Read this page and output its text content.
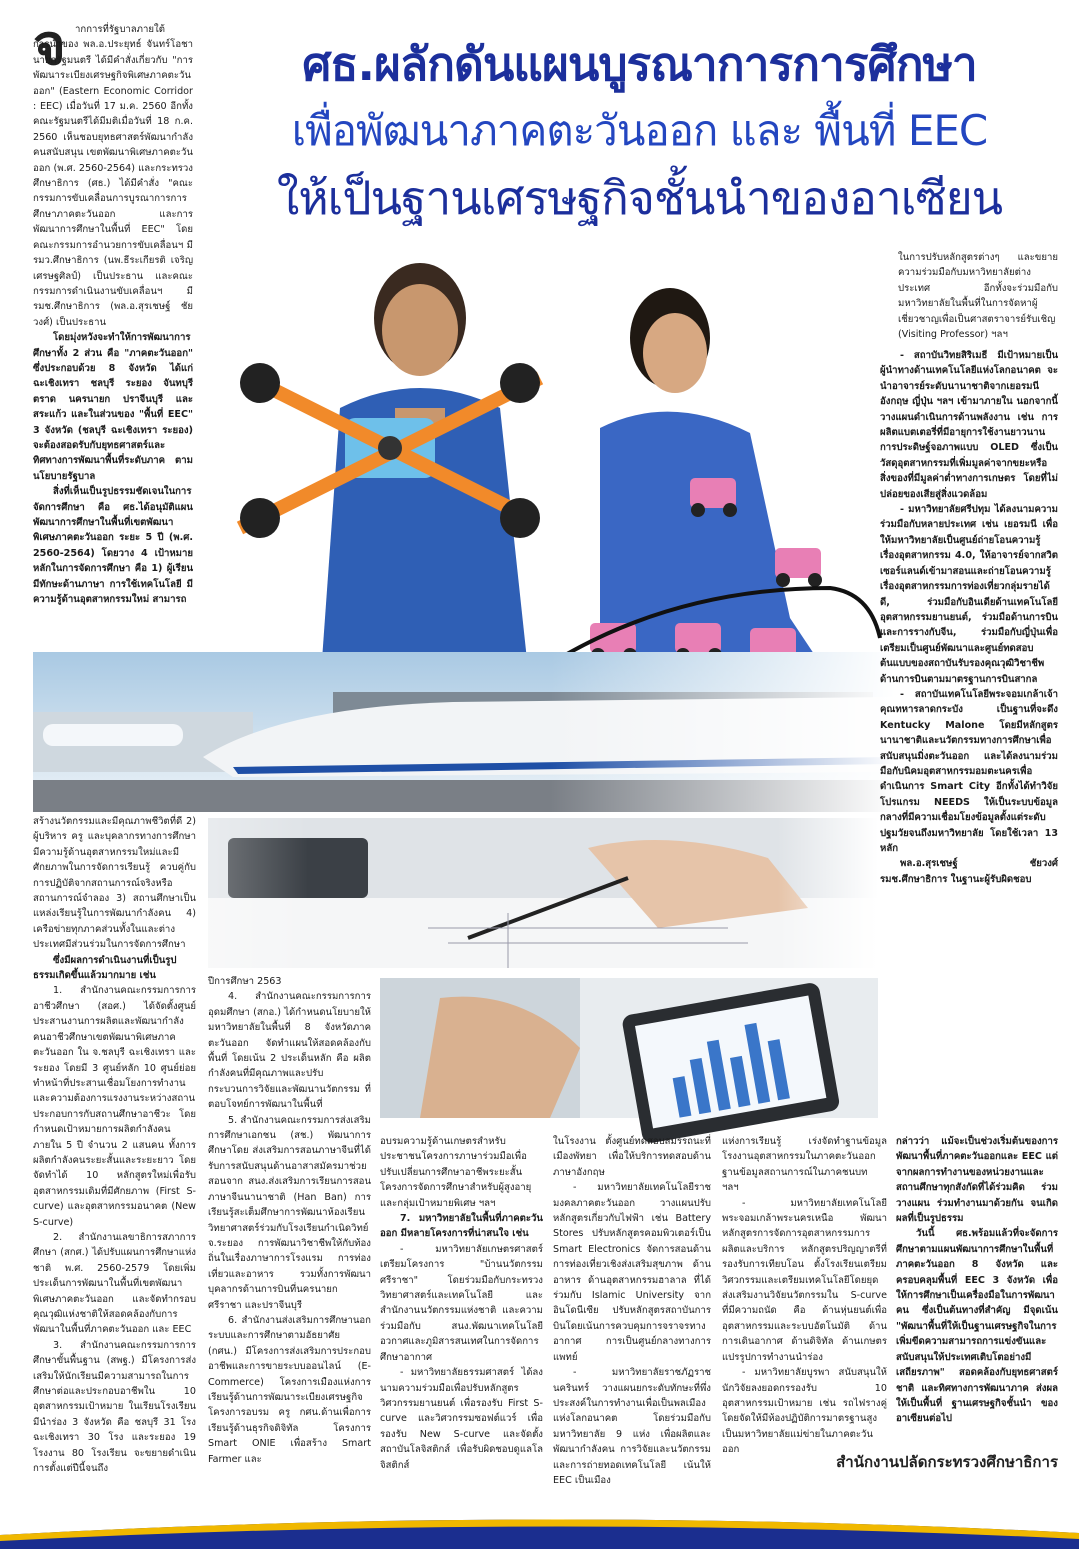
จ	ศธ.ผลักดันแผนบูรณาการการศึกษา
เพื่อพัฒนาภาคตะวันออก และ พื้นที่ EEC
ให้เป็นฐานเศรษฐกิจชั้นนำของอาเซียน

ากการที่รัฐบาลภายใต้การนำของ พล.อ.ประยุทธ์ จันทร์โอชา นายกรัฐมนตรี ได้มีคำสั่งเกี่ยวกับ "การพัฒนาระเบียงเศรษฐกิจพิเศษภาคตะวันออก" (Eastern Economic Corridor : EEC) เมื่อวันที่ 17 ม.ค. 2560 อีกทั้งคณะรัฐมนตรีได้มีมติเมื่อวันที่ 18 ก.ค. 2560 เห็นชอบยุทธศาสตร์พัฒนากำลังคนสนับสนุน เขตพัฒนาพิเศษภาคตะวันออก (พ.ศ. 2560-2564) และกระทรวงศึกษาธิการ (ศธ.) ได้มีคำสั่ง "คณะกรรมการขับเคลื่อนการบูรณาการการศึกษาภาคตะวันออก และการพัฒนาการศึกษาในพื้นที่ EEC" โดยคณะกรรมการอำนวยการขับเคลื่อนฯ มี รมว.ศึกษาธิการ (นพ.ธีระเกียรติ เจริญเศรษฐศิลป์) เป็นประธาน และคณะกรรมการดำเนินงานขับเคลื่อนฯ มี รมช.ศึกษาธิการ (พล.อ.สุรเชษฐ์ ชัยวงศ์) เป็นประธาน

โดยมุ่งหวังจะทำให้การพัฒนาการศึกษาทั้ง 2 ส่วน คือ "ภาคตะวันออก" ซึ่งประกอบด้วย 8 จังหวัด ได้แก่ ฉะเชิงเทรา ชลบุรี ระยอง จันทบุรี ตราด นครนายก ปราจีนบุรี และสระแก้ว และในส่วนของ "พื้นที่ EEC" 3 จังหวัด (ชลบุรี ฉะเชิงเทรา ระยอง) จะต้องสอดรับกับยุทธศาสตร์และทิศทางการพัฒนาพื้นที่ระดับภาค ตามนโยบายรัฐบาล

สิ่งที่เห็นเป็นรูปธรรมชัดเจนในการจัดการศึกษา คือ ศธ.ได้อนุมัติแผนพัฒนาการศึกษาในพื้นที่เขตพัฒนาพิเศษภาคตะวันออก ระยะ 5 ปี (พ.ศ. 2560-2564) โดยวาง 4 เป้าหมายหลักในการจัดการศึกษา คือ 1) ผู้เรียนมีทักษะด้านภาษา การใช้เทคโนโลยี มีความรู้ด้านอุตสาหกรรมใหม่ สามารถ

ในการปรับหลักสูตรต่างๆ และขยายความร่วมมือกับมหาวิทยาลัยต่างประเทศ อีกทั้งจะร่วมมือกับมหาวิทยาลัยในพื้นที่ในการจัดหาผู้เชี่ยวชาญเพื่อเป็นศาสตราจารย์รับเชิญ (Visiting Professor) ฯลฯ

- สถาบันวิทยสิริเมธี มีเป้าหมายเป็นผู้นำทางด้านเทคโนโลยีแห่งโลกอนาคต จะนำอาจารย์ระดับนานาชาติจากเยอรมนี อังกฤษ ญี่ปุ่น ฯลฯ เข้ามาภายใน นอกจากนี้ วางแผนดำเนินการด้านพลังงาน เช่น การผลิตแบตเตอรี่ที่มีอายุการใช้งานยาวนาน การประดิษฐ์จอภาพแบบ OLED ซึ่งเป็นวัสดุอุตสาหกรรมที่เพิ่มมูลค่าจากขยะหรือสิ่งของที่มีมูลค่าต่ำทางการเกษตร โดยที่ไม่ปล่อยของเสียสู่สิ่งแวดล้อม

- มหาวิทยาลัยศรีปทุม ได้ลงนามความร่วมมือกับหลายประเทศ เช่น เยอรมนี เพื่อให้มหาวิทยาลัยเป็นศูนย์ถ่ายโอนความรู้เรื่องอุตสาหกรรม 4.0, ให้อาจารย์จากสวิตเซอร์แลนด์เข้ามาสอนและถ่ายโอนความรู้เรื่องอุตสาหกรรมการท่องเที่ยวกลุ่มรายได้ดี, ร่วมมือกับอินเดียด้านเทคโนโลยีอุตสาหกรรมยานยนต์, ร่วมมือด้านการบินและการรางกับจีน, ร่วมมือกับญี่ปุ่นเพื่อเตรียมเป็นศูนย์พัฒนาและศูนย์ทดสอบต้นแบบของสถาบันรับรองคุณวุฒิวิชาชีพด้านการบินตามมาตรฐานการบินสากล

- สถาบันเทคโนโลยีพระจอมเกล้าเจ้าคุณทหารลาดกระบัง เป็นฐานที่จะดึง Kentucky Malone โดยมีหลักสูตรนานาชาติและนวัตกรรมทางการศึกษาเพื่อสนับสนุนมิ่งตะวันออก และได้ลงนามร่วมมือกับนิคมอุตสาหกรรมอมตะนครเพื่อดำเนินการ Smart City อีกทั้งได้ทำวิจัยโปรแกรม NEEDS ให้เป็นระบบข้อมูลกลางที่มีความเชื่อมโยงข้อมูลตั้งแต่ระดับปฐมวัยจนถึงมหาวิทยาลัย โดยใช้เวลา 13 หลัก

พล.อ.สุรเชษฐ์ ชัยวงศ์ รมช.ศึกษาธิการ ในฐานะผู้รับผิดชอบ

สร้างนวัตกรรมและมีคุณภาพชีวิตที่ดี 2) ผู้บริหาร ครู และบุคลากรทางการศึกษามีความรู้ด้านอุตสาหกรรมใหม่และมีศักยภาพในการจัดการเรียนรู้ ควบคู่กับการปฏิบัติจากสถานการณ์จริงหรือสถานการณ์จำลอง 3) สถานศึกษาเป็นแหล่งเรียนรู้ในการพัฒนากำลังคน 4) เครือข่ายทุกภาคส่วนทั้งในและต่างประเทศมีส่วนร่วมในการจัดการศึกษา

ซึ่งมีผลการดำเนินงานที่เป็นรูปธรรมเกิดขึ้นแล้วมากมาย เช่น

1. สำนักงานคณะกรรมการการอาชีวศึกษา (สอศ.) ได้จัดตั้งศูนย์ประสานงานการผลิตและพัฒนากำลังคนอาชีวศึกษาเขตพัฒนาพิเศษภาคตะวันออก ใน จ.ชลบุรี ฉะเชิงเทรา และระยอง โดยมี 3 ศูนย์หลัก 10 ศูนย์ย่อย ทำหน้าที่ประสานเชื่อมโยงการทำงานและความต้องการแรงงานระหว่างสถานประกอบการกับสถานศึกษาอาชีวะ โดยกำหนดเป้าหมายการผลิตกำลังคนภายใน 5 ปี จำนวน 2 แสนคน ทั้งการผลิตกำลังคนระยะสั้นและระยะยาว โดยจัดทำได้ 10 หลักสูตรใหม่เพื่อรับอุตสาหกรรมเดิมที่มีศักยภาพ (First S-curve) และอุตสาหกรรมอนาคต (New S-curve)

2. สำนักงานเลขาธิการสภาการศึกษา (สกศ.) ได้ปรับแผนการศึกษาแห่งชาติ พ.ศ. 2560-2579 โดยเพิ่มประเด็นการพัฒนาในพื้นที่เขตพัฒนาพิเศษภาคตะวันออก และจัดทำกรอบคุณวุฒิแห่งชาติให้สอดคล้องกับการพัฒนาในพื้นที่ภาคตะวันออก และ EEC

3. สำนักงานคณะกรรมการการศึกษาขั้นพื้นฐาน (สพฐ.) มีโครงการส่งเสริมให้นักเรียนมีความสามารถในการศึกษาต่อและประกอบอาชีพใน 10 อุตสาหกรรมเป้าหมาย ในเรียนโรงเรียนมีนำร่อง 3 จังหวัด คือ ชลบุรี 31 โรง ฉะเชิงเทรา 30 โรง และระยอง 19 โรงงาน 80 โรงเรียน จะขยายดำเนินการตั้งแต่ปีนี้จนถึง

ปีการศึกษา 2563

4. สำนักงานคณะกรรมการการอุดมศึกษา (สกอ.) ได้กำหนดนโยบายให้มหาวิทยาลัยในพื้นที่ 8 จังหวัดภาคตะวันออก จัดทำแผนให้สอดคล้องกับพื้นที่ โดยเน้น 2 ประเด็นหลัก คือ ผลิตกำลังคนที่มีคุณภาพและปรับกระบวนการวิจัยและพัฒนานวัตกรรม ที่ตอบโจทย์การพัฒนาในพื้นที่

5. สำนักงานคณะกรรมการส่งเสริมการศึกษาเอกชน (สช.) พัฒนาการศึกษาโดย ส่งเสริมการสอนภาษาจีนที่ได้รับการสนับสนุนด้านอาสาสมัครมาช่วยสอนจาก สนง.ส่งเสริมการเรียนการสอนภาษาจีนนานาชาติ (Han Ban) การเรียนรู้สะเต็มศึกษาการพัฒนาห้องเรียนวิทยาศาสตร์ร่วมกับโรงเรียนกำเนิดวิทย์ จ.ระยอง การพัฒนาวิชาชีพให้กับท้องถิ่นในเรื่องภาษาการโรงแรม การท่องเที่ยวและอาหาร รวมทั้งการพัฒนาบุคลากรด้านการบินที่นครนายก ศรีราชา และปราจีนบุรี

6. สำนักงานส่งเสริมการศึกษานอกระบบและการศึกษาตามอัธยาศัย (กศน.) มีโครงการส่งเสริมการประกอบอาชีพและการขายระบบออนไลน์ (E-Commerce) โครงการเมืองแห่งการเรียนรู้ด้านการพัฒนาระเบียงเศรษฐกิจโครงการอบรม ครู กศน.ด้านเพื่อการเรียนรู้ด้านธุรกิจดิจิทัล โครงการ Smart ONIE เพื่อสร้าง Smart Farmer และ

อบรมความรู้ด้านเกษตรสำหรับประชาชนโครงการภาษาร่วมมือเพื่อปรับเปลี่ยนการศึกษาอาชีพระยะสั้น โครงการจัดการศึกษาสำหรับผู้สูงอายุและกลุ่มเป้าหมายพิเศษ ฯลฯ

7. มหาวิทยาลัยในพื้นที่ภาคตะวันออก มีหลายโครงการที่น่าสนใจ เช่น

- มหาวิทยาลัยเกษตรศาสตร์ เตรียมโครงการ "บ้านนวัตกรรมศรีราชา" โดยร่วมมือกับกระทรวงวิทยาศาสตร์และเทคโนโลยี และสำนักงานนวัตกรรมแห่งชาติ และความร่วมมือกับ สนง.พัฒนาเทคโนโลยีอวกาศและภูมิสารสนเทศในการจัดการศึกษาอากาศ

- มหาวิทยาลัยธรรมศาสตร์ ได้ลงนามความร่วมมือเพื่อปรับหลักสูตรวิศวกรรมยานยนต์ เพื่อรองรับ First S-curve และวิศวกรรมซอฟต์แวร์ เพื่อรองรับ New S-curve และจัดตั้งสถาบันโลจิสติกส์ เพื่อรับผิดชอบดูแลโลจิสติกส์

ในโรงงาน ตั้งศูนย์ทดสอบสมรรถนะที่เมืองพัทยา เพื่อให้บริการทดสอบด้านภาษาอังกฤษ

- มหาวิทยาลัยเทคโนโลยีราชมงคลภาคตะวันออก วางแผนปรับหลักสูตรเกี่ยวกับไฟฟ้า เช่น Battery Stores ปรับหลักสูตรคอมพิวเตอร์เป็น Smart Electronics จัดการสอนด้านการท่องเที่ยวเชิงส่งเสริมสุขภาพ ด้านอาหาร ด้านอุตสาหกรรมฮาลาล ที่ได้ร่วมกับ Islamic University จากอินโดนีเซีย ปรับหลักสูตรสถาบันการบินโดยเน้นการควบคุมการจราจรทางอากาศ การเป็นศูนย์กลางทางการแพทย์

- มหาวิทยาลัยราชภัฏราชนครินทร์ วางแผนยกระดับทักษะที่พึ่งประสงค์ในการทำงานเพื่อเป็นพลเมืองแห่งโลกอนาคต โดยร่วมมือกับมหาวิทยาลัย 9 แห่ง เพื่อผลิตและพัฒนากำลังคน การวิจัยและนวัตกรรม และการถ่ายทอดเทคโนโลยี เน้นให้ EEC เป็นเมือง

แห่งการเรียนรู้ เร่งจัดทำฐานข้อมูลโรงงานอุตสาหกรรมในภาคตะวันออก ฐานข้อมูลสถานการณ์ในภาคชนบท ฯลฯ

- มหาวิทยาลัยเทคโนโลยีพระจอมเกล้าพระนครเหนือ พัฒนาหลักสูตรการจัดการอุตสาหกรรมการผลิตและบริการ หลักสูตรปริญญาตรีที่รองรับการเทียบโอน ตั้งโรงเรียนเตรียมวิศวกรรมและเตรียมเทคโนโลยีโดยยุด ส่งเสริมงานวิจัยนวัตกรรมใน S-curve ที่มีความถนัด คือ ด้านหุ่นยนต์เพื่ออุตสาหกรรมและระบบอัตโนมัติ ด้านการเดินอากาศ ด้านดิจิทัล ด้านเกษตรแปรรูปการทำงานนำร่อง

- มหาวิทยาลัยบูรพา สนับสนุนให้นักวิจัยลงยอดกรรองรับ 10 อุตสาหกรรมเป้าหมาย เช่น รถไฟรางคู่ โดยจัดให้มีห้องปฏิบัติการมาตรฐานสูง เป็นมหาวิทยาลัยแม่ข่ายในภาคตะวันออก

กล่าวว่า แม้จะเป็นช่วงเริ่มต้นของการพัฒนาพื้นที่ภาคตะวันออกและ EEC แต่จากผลการทำงานของหน่วยงานและสถานศึกษาทุกสังกัดที่ได้ร่วมคิด ร่วมวางแผน ร่วมทำงานมาด้วยกัน จนเกิดผลที่เป็นรูปธรรม

วันนี้ ศธ.พร้อมแล้วที่จะจัดการศึกษาตามแผนพัฒนาการศึกษาในพื้นที่ภาคตะวันออก 8 จังหวัด และครอบคลุมพื้นที่ EEC 3 จังหวัด เพื่อให้การศึกษาเป็นเครื่องมือในการพัฒนาคน ซึ่งเป็นต้นทางที่สำคัญ มีจุดเน้น "พัฒนาพื้นที่ให้เป็นฐานเศรษฐกิจในการเพิ่มขีดความสามารถการแข่งขันและสนับสนุนให้ประเทศเติบโตอย่างมีเสถียรภาพ" สอดคล้องกับยุทธศาสตร์ชาติ และทิศทางการพัฒนาภาค ส่งผลให้เป็นพื้นที่ ฐานเศรษฐกิจชั้นนำ ของอาเซียนต่อไป

สำนักงานปลัดกระทรวงศึกษาธิการ
